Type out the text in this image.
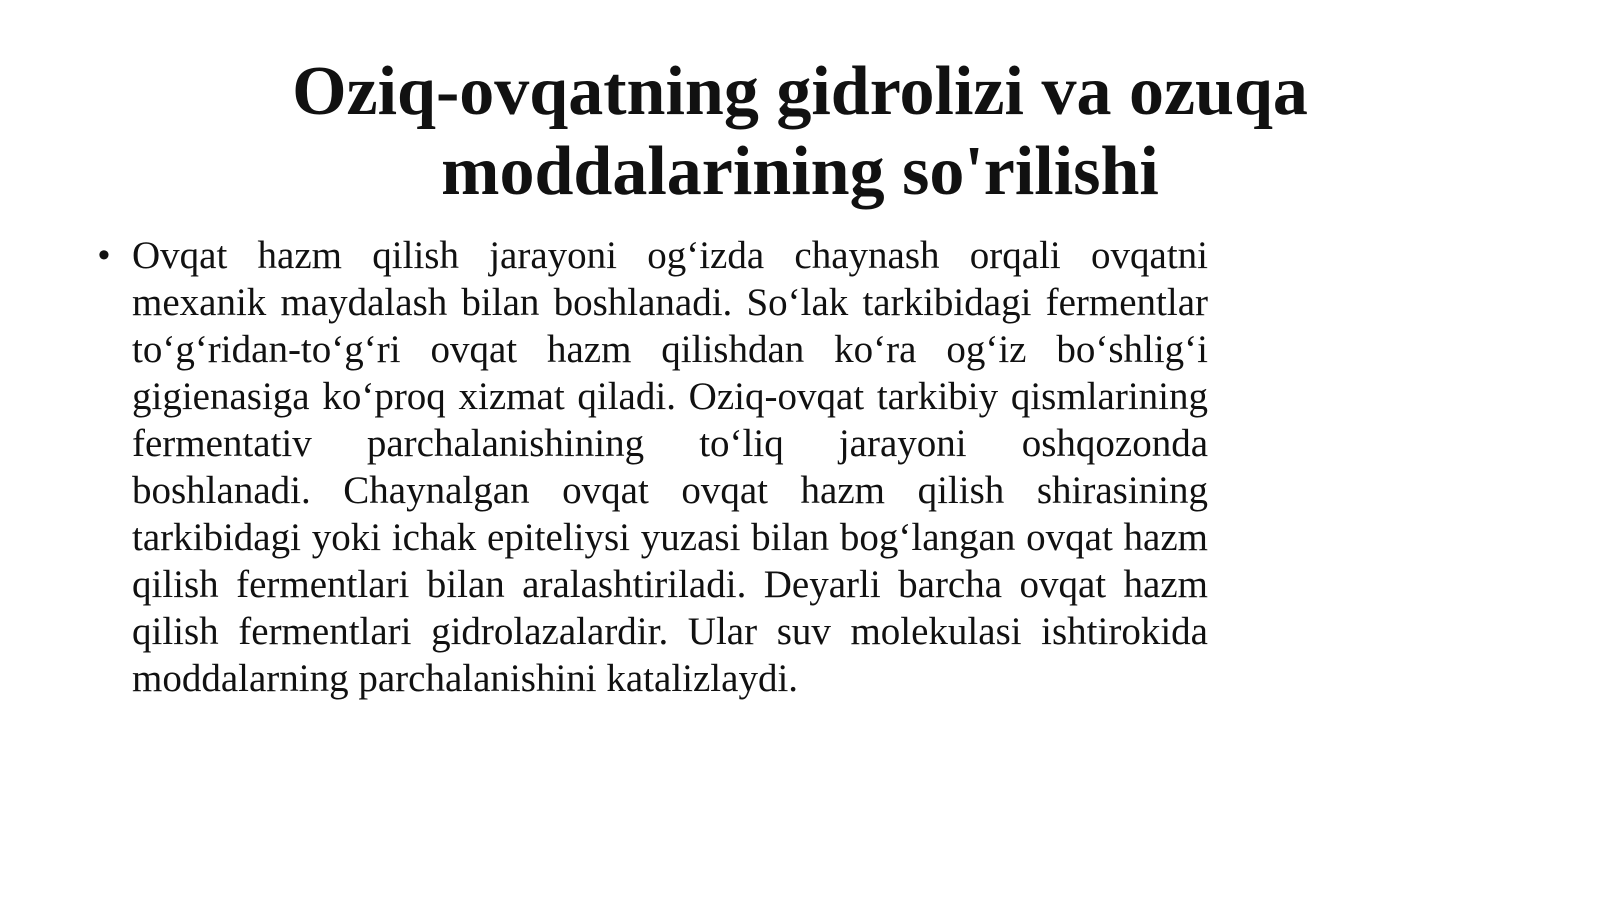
Oziq-ovqatning gidrolizi va ozuqa moddalarining so'rilishi
• Ovqat hazm qilish jarayoni og‘izda chaynash orqali ovqatni mexanik maydalash bilan boshlanadi. So‘lak tarkibidagi fermentlar to‘g‘ridan-to‘g‘ri ovqat hazm qilishdan ko‘ra og‘iz bo‘shlig‘i gigienasiga ko‘proq xizmat qiladi. Oziq-ovqat tarkibiy qismlarining fermentativ parchalanishining to‘liq jarayoni oshqozonda boshlanadi. Chaynalgan ovqat ovqat hazm qilish shirasining tarkibidagi yoki ichak epiteliysi yuzasi bilan bog‘langan ovqat hazm qilish fermentlari bilan aralashtiriladi. Deyarli barcha ovqat hazm qilish fermentlari gidrolazalardir. Ular suv molekulasi ishtirokida moddalarning parchalanishini katalizlaydi.
